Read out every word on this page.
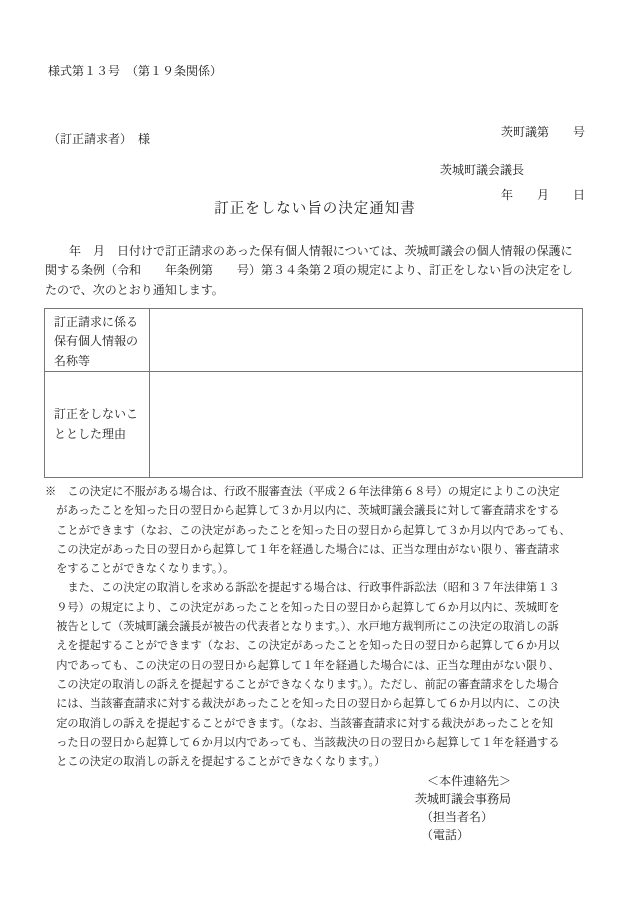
様式第１３号　（第１９条関係）

茨町議第　　号

年　　月　　日

（訂正請求者）　様
茨城町議会議長
訂正をしない旨の決定通知書
　　年　月　日付けで訂正請求のあった保有個人情報については、茨城町議会の個人情報の保護に
関する条例（令和　　年条例第　　号）第３４条第２項の規定により、訂正をしない旨の決定をし
たので、次のとおり通知します。
訂正請求に係る
保有個人情報の
名称等
訂正をしないこ
ととした理由
※　この決定に不服がある場合は、行政不服審査法（平成２６年法律第６８号）の規定によりこの決定
　があったことを知った日の翌日から起算して３か月以内に、茨城町議会議長に対して審査請求をする
　ことができます（なお、この決定があったことを知った日の翌日から起算して３か月以内であっても、
　この決定があった日の翌日から起算して１年を経過した場合には、正当な理由がない限り、審査請求
　をすることができなくなります。）。
　　また、この決定の取消しを求める訴訟を提起する場合は、行政事件訴訟法（昭和３７年法律第１３
　９号）の規定により、この決定があったことを知った日の翌日から起算して６か月以内に、茨城町を
　被告として（茨城町議会議長が被告の代表者となります。）、水戸地方裁判所にこの決定の取消しの訴
　えを提起することができます（なお、この決定があったことを知った日の翌日から起算して６か月以
　内であっても、この決定の日の翌日から起算して１年を経過した場合には、正当な理由がない限り、
　この決定の取消しの訴えを提起することができなくなります。）。ただし、前記の審査請求をした場合
　には、当該審査請求に対する裁決があったことを知った日の翌日から起算して６か月以内に、この決
　定の取消しの訴えを提起することができます。（なお、当該審査請求に対する裁決があったことを知
　った日の翌日から起算して６か月以内であっても、当該裁決の日の翌日から起算して１年を経過する
　とこの決定の取消しの訴えを提起することができなくなります。）
　＜本件連絡先＞
茨城町議会事務局
　（担当者名）
　（電話）
